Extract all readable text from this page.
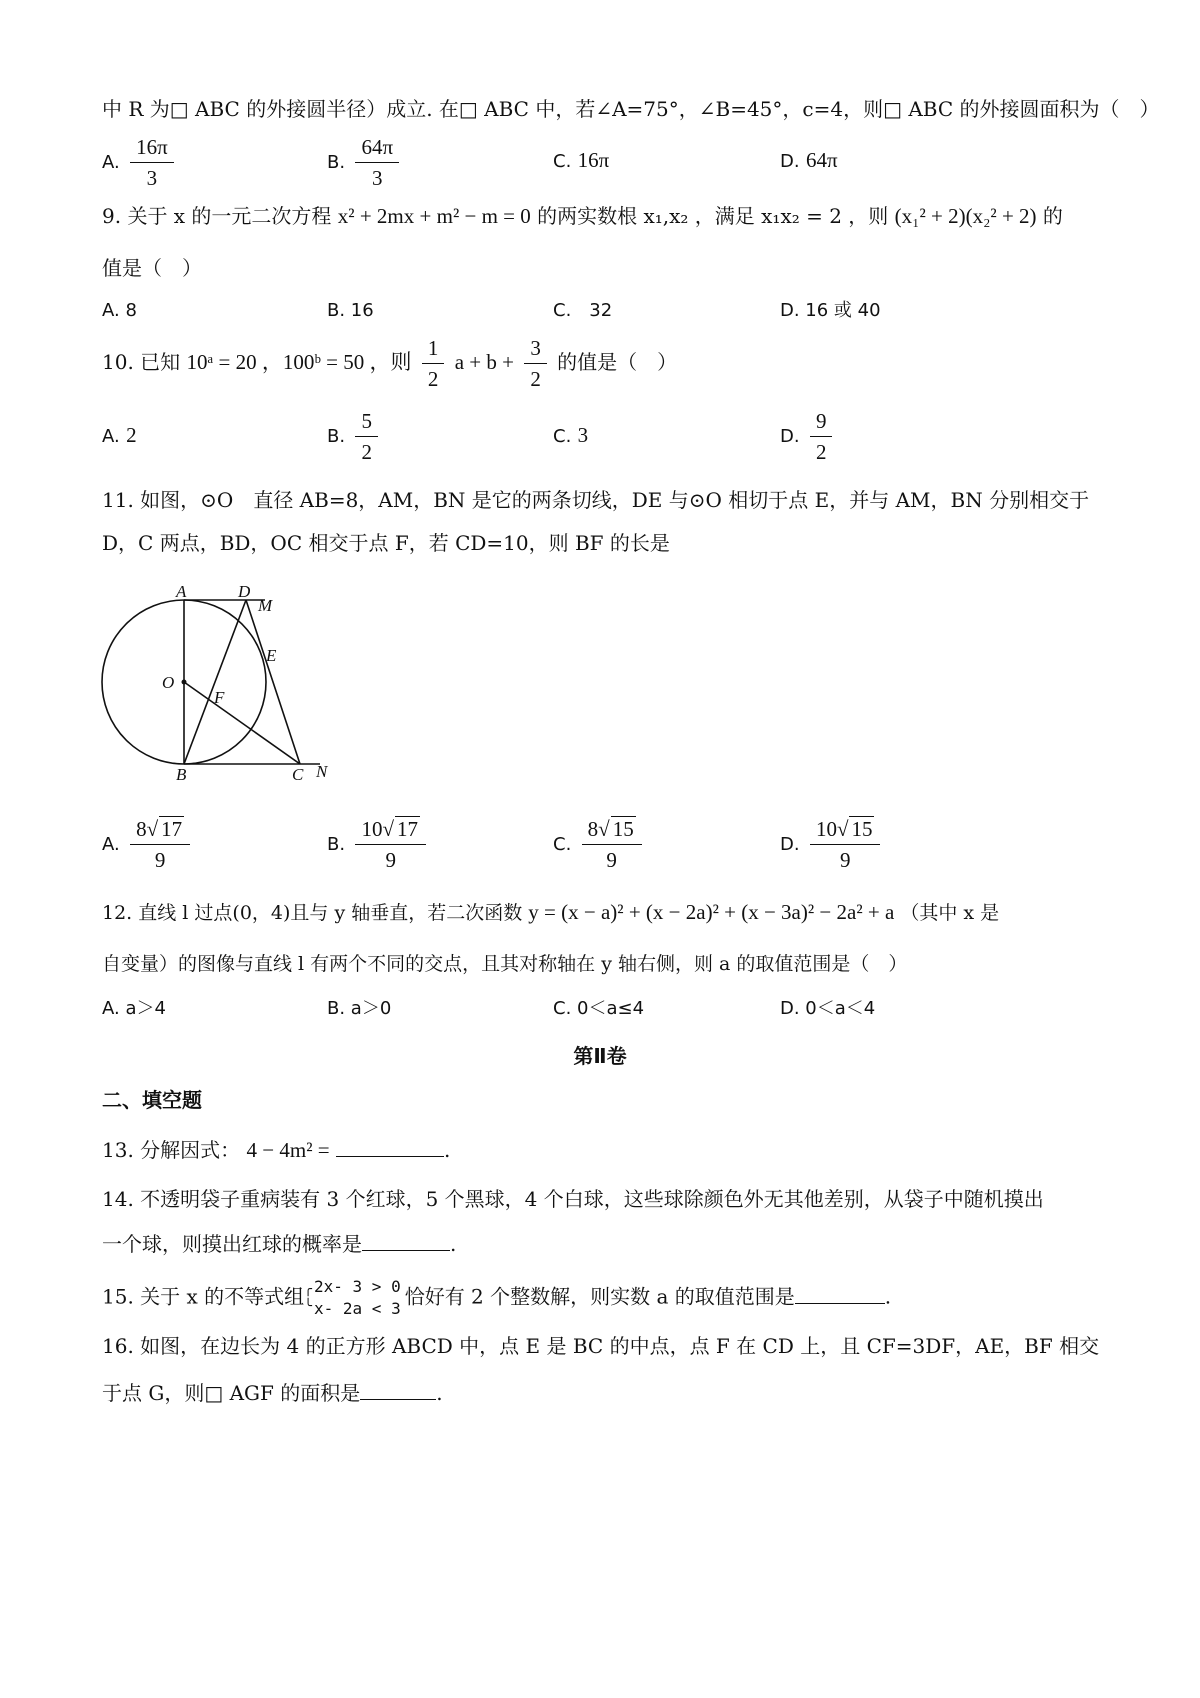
中 R 为□ ABC 的外接圆半径）成立. 在□ ABC 中，若∠A=75°，∠B=45°，c=4，则□ ABC 的外接圆面积为（　）
A. $\frac{16\pi}{3}$	B. $\frac{64\pi}{3}$	C. 16π	D. 64π
9. 关于 x 的一元二次方程 x² + 2mx + m² − m = 0 的两实数根 x₁,x₂ ，满足 x₁x₂ = 2 ，则 (x₁² + 2)(x₂² + 2) 的
值是（　）
A. 8	B. 16	C.　32	D. 16 或 40
10. 已知 10ᵃ = 20 ，100ᵇ = 50 ，则 $\frac{1}{2}$ $a + b + \frac{3}{2}$ 的值是（　）
A. 2	B. $\frac{5}{2}$	C. 3	D. $\frac{9}{2}$
11. 如图，⊙O　直径 AB=8，AM，BN 是它的两条切线，DE 与⊙O 相切于点 E，并与 AM，BN 分别相交于
D，C 两点，BD，OC 相交于点 F，若 CD=10，则 BF 的长是
A	D
M
E
O
F
B	C N
A. $\frac{8√ 17}{9}$	B. $\frac{10√ 17}{9}$	C. $\frac{8√ 15}{9}$	D. $\frac{10√ 15}{9}$
12. 直线 l 过点(0，4)且与 y 轴垂直，若二次函数 y = (x − a)² + (x − 2a)² + (x − 3a)² − 2a² + a （其中 x 是
自变量）的图像与直线 l 有两个不同的交点，且其对称轴在 y 轴右侧，则 a 的取值范围是（　）
A. a＞4	B. a＞0	C. 0＜a≤4	D. 0＜a＜4
第Ⅱ卷
二、填空题
13. 分解因式： 4 − 4m² =	.
14. 不透明袋子重病装有 3 个红球，5 个黑球，4 个白球，这些球除颜色外无其他差别，从袋子中随机摸出
一个球，则摸出红球的概率是	.
15. 关于 x 的不等式组╭
╰2x- 3 > 0
x- 2a < 3 恰好有 2 个整数解，则实数 a 的取值范围是	.
16. 如图，在边长为 4 的正方形 ABCD 中，点 E 是 BC 的中点，点 F 在 CD 上，且 CF=3DF，AE，BF 相交
于点 G，则□ AGF 的面积是	.
